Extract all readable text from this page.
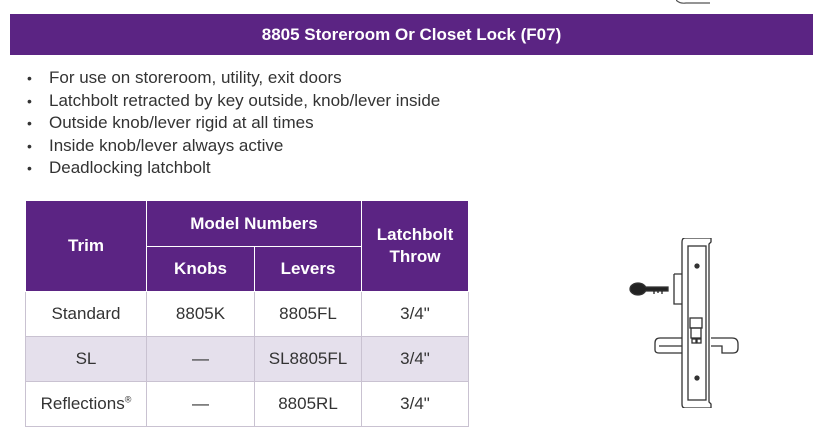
8805 Storeroom Or Closet Lock (F07)
•	For use on storeroom, utility, exit doors
•	Latchbolt retracted by key outside, knob/lever inside
•	Outside knob/lever rigid at all times
•	Inside knob/lever always active
•	Deadlocking latchbolt
Trim	Model Numbers		Latchbolt Throw
	Knobs	Levers	
Standard	8805K	8805FL	3/4"
SL	—	SL8805FL	3/4"
Reflections®	—	8805RL	3/4"
